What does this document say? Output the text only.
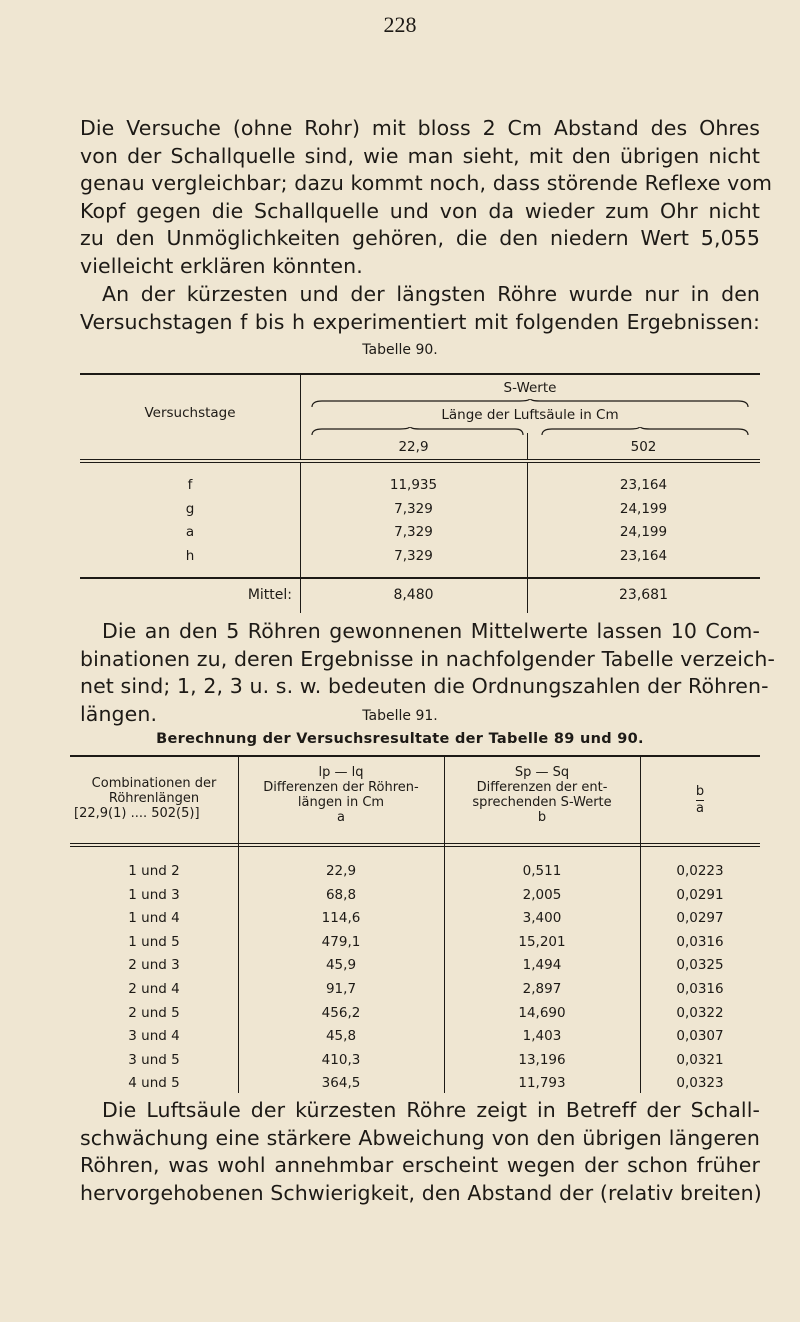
228
Die Versuche (ohne Rohr) mit bloss 2 Cm Abstand des Ohres
von der Schallquelle sind, wie man sieht, mit den übrigen nicht
genau vergleichbar; dazu kommt noch, dass störende Reflexe vom
Kopf gegen die Schallquelle und von da wieder zum Ohr nicht
zu den Unmöglichkeiten gehören, die den niedern Wert 5,055
vielleicht erklären könnten.
An der kürzesten und der längsten Röhre wurde nur in den
Versuchstagen f bis h experimentiert mit folgenden Ergebnissen:
Tabelle 90.
Versuchstage
S-Werte
Länge der Luftsäule in Cm
22,9	502
f	11,935	23,164
g	7,329	24,199
a	7,329	24,199
h	7,329	23,164
Mittel:	8,480	23,681
Die an den 5 Röhren gewonnenen Mittelwerte lassen 10 Com-
binationen zu, deren Ergebnisse in nachfolgender Tabelle verzeich-
net sind; 1, 2, 3 u. s. w. bedeuten die Ordnungszahlen der Röhren-
längen.	Tabelle 91.
Berechnung der Versuchsresultate der Tabelle 89 und 90.
Combinationen der
Röhrenlängen
[22,9(1) .... 502(5)]
lp — lq
Differenzen der Röhren-
längen in Cm
a
Sp — Sq
Differenzen der ent-
sprechenden S-Werte
b
b
a
1 und 2	22,9	0,511	0,0223
1 und 3	68,8	2,005	0,0291
1 und 4	114,6	3,400	0,0297
1 und 5	479,1	15,201	0,0316
2 und 3	45,9	1,494	0,0325
2 und 4	91,7	2,897	0,0316
2 und 5	456,2	14,690	0,0322
3 und 4	45,8	1,403	0,0307
3 und 5	410,3	13,196	0,0321
4 und 5	364,5	11,793	0,0323
Die Luftsäule der kürzesten Röhre zeigt in Betreff der Schall-
schwächung eine stärkere Abweichung von den übrigen längeren
Röhren, was wohl annehmbar erscheint wegen der schon früher
hervorgehobenen Schwierigkeit, den Abstand der (relativ breiten)
